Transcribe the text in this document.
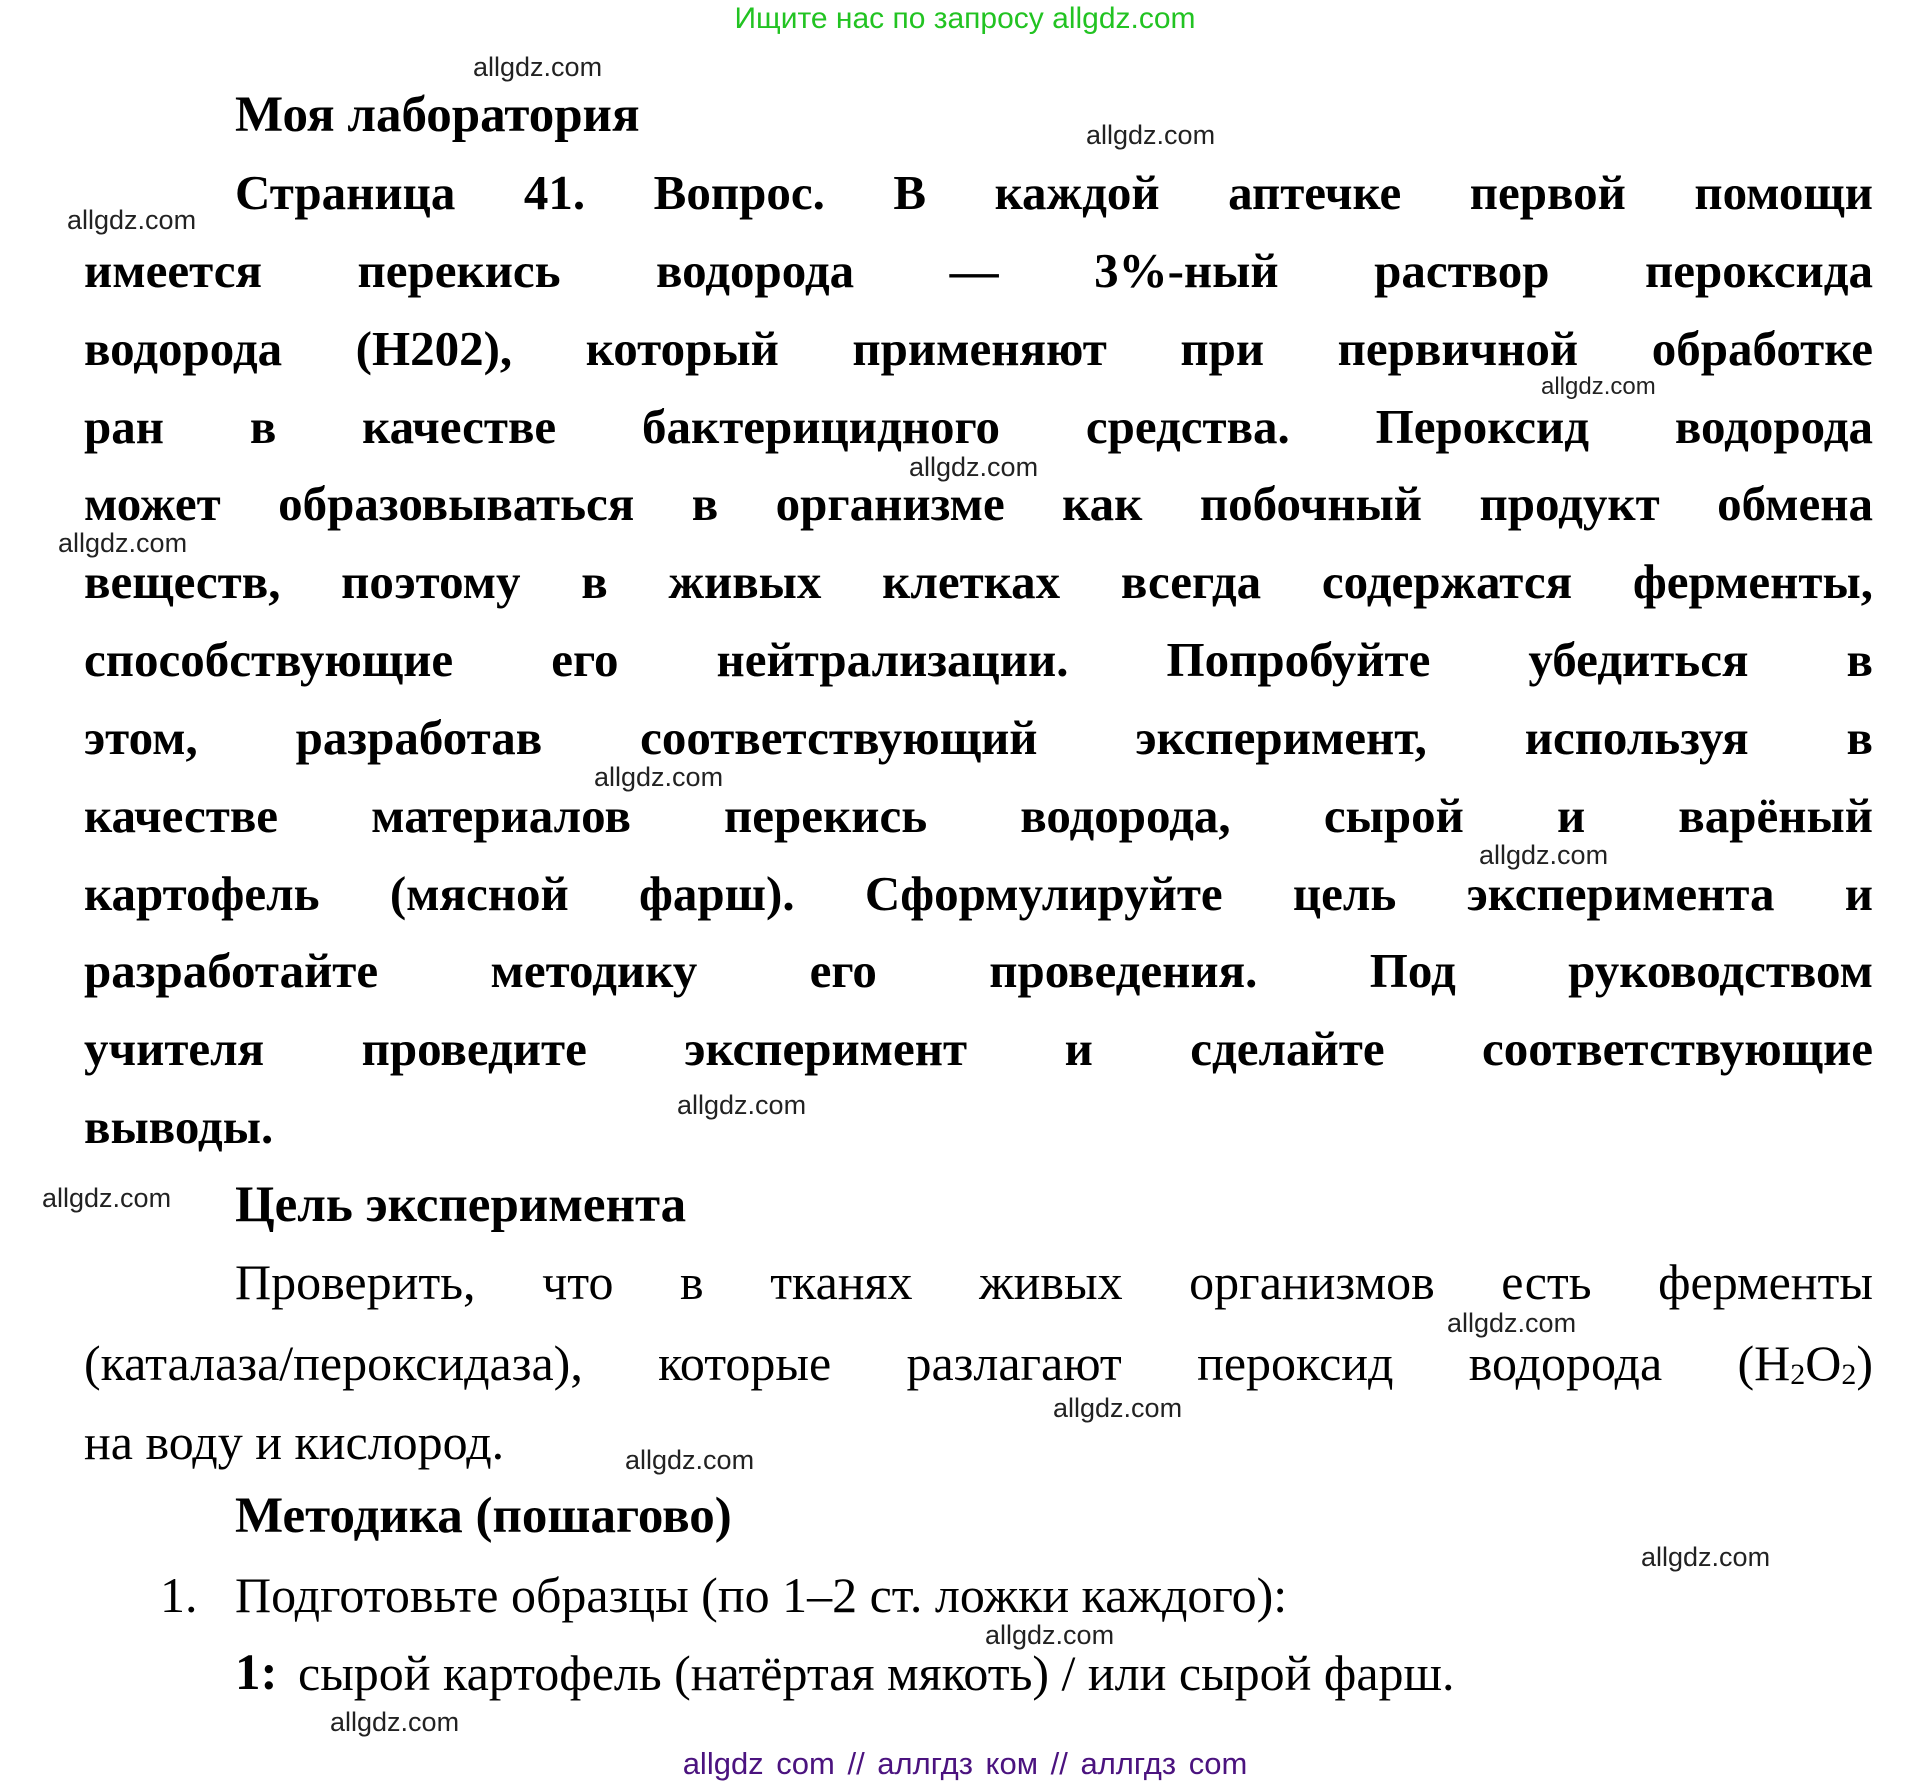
Ищите нас по запросу allgdz.com
Моя лаборатория
Страница 41. Вопрос. В каждой аптечке первой помощи
имеется перекись водорода — 3%-ный раствор пероксида
водорода (H202), который применяют при первичной обработке
ран в качестве бактерицидного средства. Пероксид водорода
может образовываться в организме как побочный продукт обмена
веществ, поэтому в живых клетках всегда содержатся ферменты,
способствующие его нейтрализации. Попробуйте убедиться в
этом, разработав соответствующий эксперимент, используя в
качестве материалов перекись водорода, сырой и варёный
картофель (мясной фарш). Сформулируйте цель эксперимента и
разработайте методику его проведения. Под руководством
учителя проведите эксперимент и сделайте соответствующие
выводы.
Цель эксперимента
Проверить, что в тканях живых организмов есть ферменты
(каталаза/пероксидаза), которые разлагают пероксид водорода $(H_2O_2)$
на воду и кислород.
Методика (пошагово)
1. Подготовьте образцы (по 1–2 ст. ложки каждого):
1: сырой картофель (натёртая мякоть) / или сырой фарш.
allgdz.com
allgdz.com
allgdz.com
allgdz.com
allgdz.com
allgdz.com
allgdz.com
allgdz.com
allgdz.com
allgdz.com
allgdz.com
allgdz.com
allgdz.com
allgdz.com
allgdz.com
allgdz.com
allgdz com // аллгдз ком // аллгдз com
